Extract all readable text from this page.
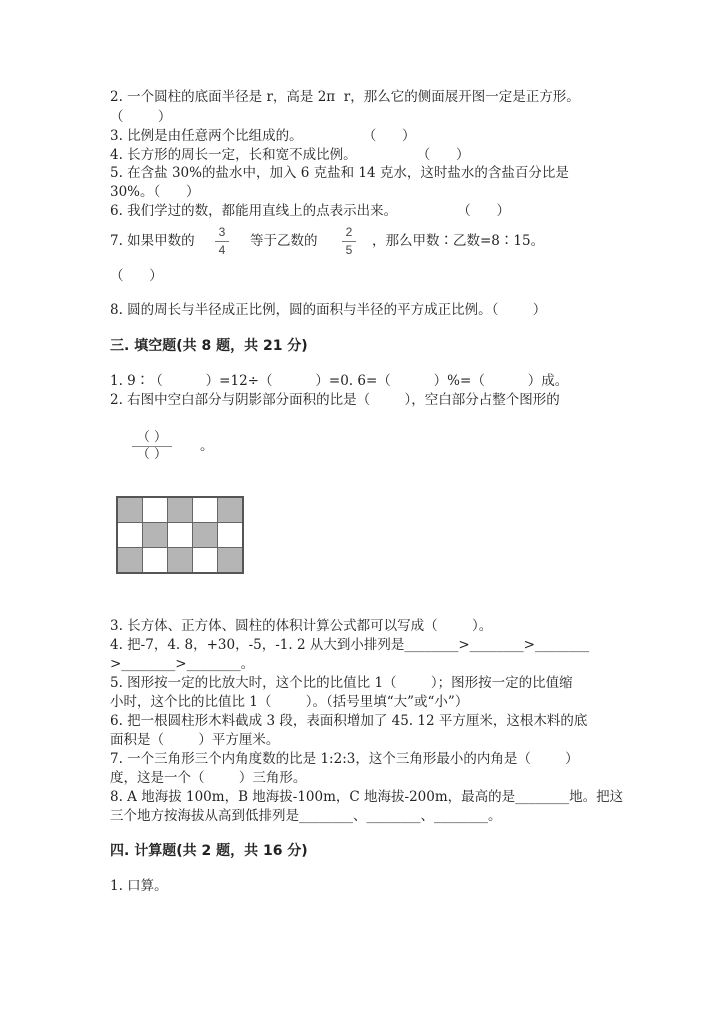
2. 一个圆柱的底面半径是 r，高是 2π  r，那么它的侧面展开图一定是正方形。
（        ）
3. 比例是由任意两个比组成的。              （      ）
4. 长方形的周长一定，长和宽不成比例。              （      ）
5. 在含盐 30%的盐水中，加入 6 克盐和 14 克水，这时盐水的含盐百分比是
30%。（      ）
6. 我们学过的数，都能用直线上的点表示出来。              （      ）
7. 如果甲数的
3
4
等于乙数的
2
5
，那么甲数∶乙数=8∶15。
（      ）
8. 圆的周长与半径成正比例，圆的面积与半径的平方成正比例。（        ）
三. 填空题(共 8 题，共 21 分)
1. 9∶（          ）=12÷（          ）=0. 6=（          ）%=（          ）成。
2. 右图中空白部分与阴影部分面积的比是（        ），空白部分占整个图形的
（ ）
（ ）
。

3. 长方体、正方体、圆柱的体积计算公式都可以写成（        ）。
4. 把-7，4. 8，+30，-5，-1. 2 从大到小排列是________>________>________
>________>________。
5. 图形按一定的比放大时，这个比的比值比 1（        ）；图形按一定的比值缩
小时，这个比的比值比 1（        ）。（括号里填“大”或“小”）
6. 把一根圆柱形木料截成 3 段，表面积增加了 45. 12 平方厘米，这根木料的底
面积是（        ）平方厘米。
7. 一个三角形三个内角度数的比是 1:2:3，这个三角形最小的内角是（        ）
度，这是一个（        ）三角形。
8. A 地海拔 100m，B 地海拔-100m，C 地海拔-200m，最高的是________地。把这
三个地方按海拔从高到低排列是________、________、________。
四. 计算题(共 2 题，共 16 分)
1. 口算。
